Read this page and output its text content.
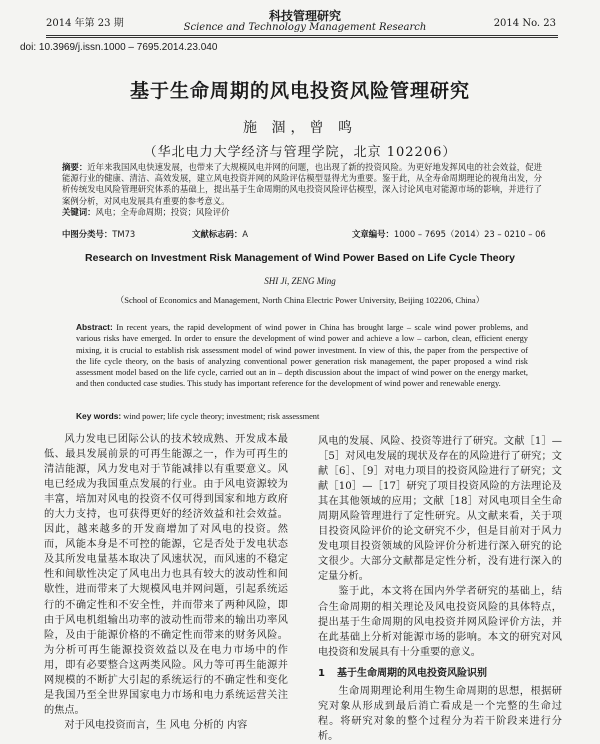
2014 年第 23 期
科技管理研究
Science and Technology Management Research	2014 No. 23
doi: 10.3969/j.issn.1000 – 7695.2014.23.040
基于生命周期的风电投资风险管理研究
施 涸，曾 鸣
（华北电力大学经济与管理学院，北京 102206）
摘要：近年来我国风电快速发展，也带来了大规模风电并网的问题，也出现了新的投资风险。为更好地发挥风电的社会效益，促进能源行业的健康、清洁、高效发展，建立风电投资并网的风险评估模型显得尤为重要。鉴于此，从全寿命周期理论的视角出发，分析传统发电风险管理研究体系的基础上，提出基于生命周期的风电投资风险评估模型，深入讨论风电对能源市场的影响，并进行了案例分析，对风电发展具有重要的参考意义。
关键词：风电；全寿命周期；投资；风险评价
中图分类号：TM73	文献标志码：A	文章编号：1000 – 7695（2014）23 – 0210 – 06
Research on Investment Risk Management of Wind Power Based on Life Cycle Theory
SHI Ji, ZENG Ming
（School of Economics and Management, North China Electric Power University, Beijing 102206, China）
Abstract: In recent years, the rapid development of wind power in China has brought large – scale wind power problems, and various risks have emerged. In order to ensure the development of wind power and achieve a low – carbon, clean, efficient energy mixing, it is crucial to establish risk assessment model of wind power investment. In view of this, the paper from the perspective of the life cycle theory, on the basis of analyzing conventional power generation risk management, the paper proposed a wind risk assessment model based on the life cycle, carried out an in – depth discussion about the impact of wind power on the energy market, and then conducted case studies. This study has important reference for the development of wind power and renewable energy.
Key words: wind power; life cycle theory; investment; risk assessment

风力发电已团际公认的技术较成熟、开发成本最低、最具发展前景的可再生能源之一，作为可再生的清洁能源，风力发电对于节能减排以有重要意义。风电已经成为我国重点发展的行业。由于风电资源较为丰富，培加对风电的投资不仅可得到国家和地方政府的大力支持，也可获得更好的经济效益和社会效益。因此，越来越多的开发商增加了对风电的投资。然而，风能本身是不可控的能源，它是否处于发电状态及其所发电量基本取决了风速状况，而风速的不稳定性和间歇性决定了风电出力也具有较大的波动性和间歇性，进而带来了大规模风电并网问题，引起系统运行的不确定性和不安全性，并而带来了两种风险，即由于风电机组输出功率的波动性而带来的输出功率风险，及由于能源价格的不确定性而带来的财务风险。为分析可再生能源投资效益以及在电力市场中的作用，即有必要整合这两类风险。风力等可再生能源并网规模的不断扩大引起的系统运行的不确定性和变化是我国乃至全世界国家电力市场和电力系统运营关注的焦点。

对于风电投资而言，生 风电 分析的 内容

风电的发展、风险、投资等进行了研究。文献［1］—［5］对风电发展的现状及存在的风险进行了研究；文献［6］、［9］对电力项目的投资风险进行了研究；文献［10］—［17］研究了项目投资风险的方法理论及其在其他领域的应用；文献［18］对风电项目全生命周期风险管理进行了定性研究。从文献来看，关于项目投资风险评价的论文研究不少，但是目前对于风力发电项目投资领域的风险评价分析进行深入研究的论文很少。大部分文献都是定性分析，没有进行深入的定量分析。

鉴于此，本文将在国内外学者研究的基础上，结合生命周期的相关理论及风电投资风险的具体特点，提出基于生命周期的风电投资并网风险评价方法，并在此基础上分析对能源市场的影响。本文的研究对风电投资和发展具有十分重要的意义。

1 基于生命周期的风电投资风险识别

生命周期理论利用生物生命周期的思想，根据研究对象从形成到最后消亡看成是一个完整的生命过程。将研究对象的整个过程分为若干阶段来进行分析。
